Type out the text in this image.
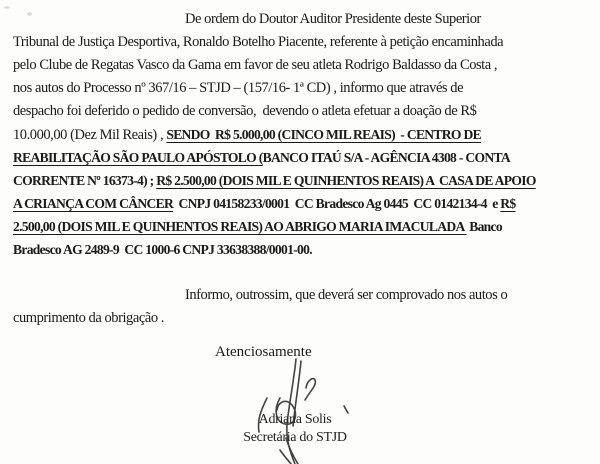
De ordem do Doutor Auditor Presidente deste Superior
Tribunal de Justiça Desportiva, Ronaldo Botelho Piacente, referente à petição encaminhada
pelo Clube de Regatas Vasco da Gama em favor de seu atleta Rodrigo Baldasso da Costa ,
nos autos do Processo nº 367/16 – STJD – (157/16- 1ª CD) , informo que através de
despacho foi deferido o pedido de conversão,  devendo o atleta efetuar a doação de R$
10.000,00 (Dez Mil Reais) , SENDO  R$ 5.000,00 (CINCO MIL REAIS)  - CENTRO DE
REABILITAÇÃO SÃO PAULO APÓSTOLO (BANCO ITAÚ S/A - AGÊNCIA 4308 - CONTA
CORRENTE Nº 16373-4) ; R$ 2.500,00 (DOIS MIL E QUINHENTOS REAIS) A  CASA DE APOIO
A CRIANÇA COM CÂNCER  CNPJ 04158233/0001  CC Bradesco Ag 0445  CC 0142134-4  e R$
2.500,00 (DOIS MIL E QUINHENTOS REAIS) AO ABRIGO MARIA IMACULADA  Banco
Bradesco AG 2489-9  CC 1000-6 CNPJ 33638388/0001-00.
Informo, outrossim, que deverá ser comprovado nos autos o
cumprimento da obrigação .
Atenciosamente
Adriana Solis
Secretária do STJD
